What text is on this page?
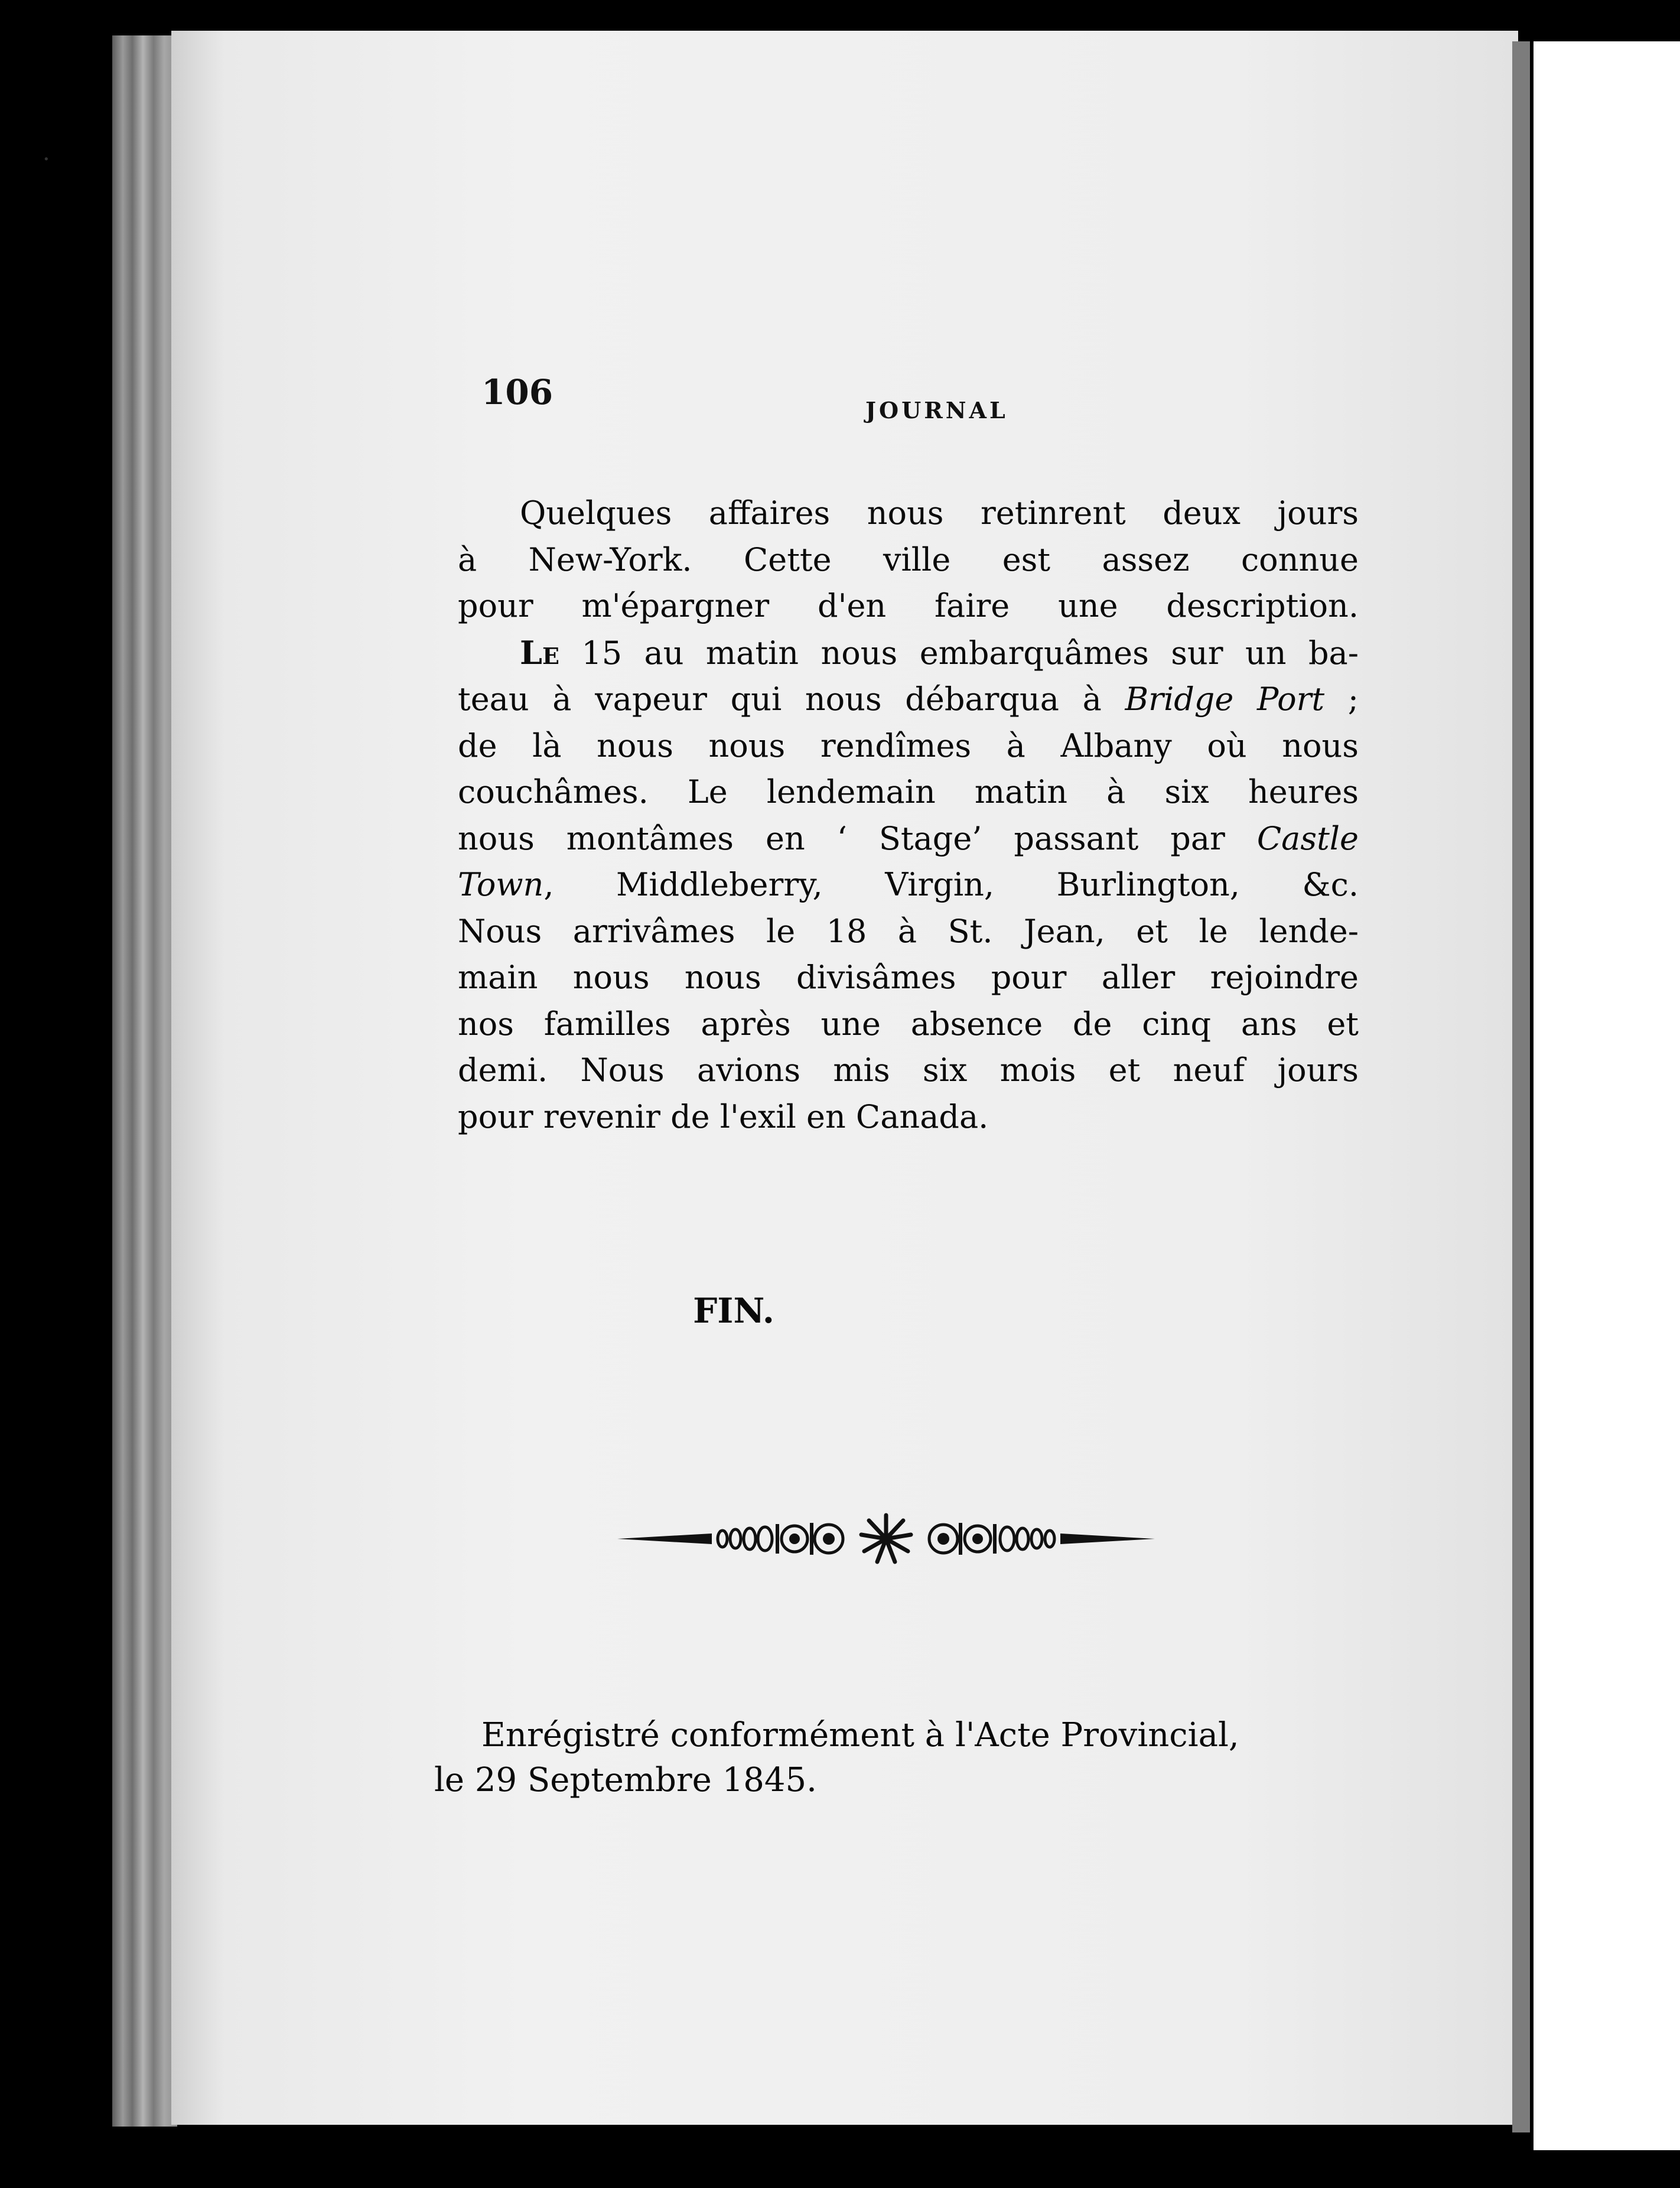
·
106	JOURNAL
Quelques affaires nous retinrent deux jours
à New-York. Cette ville est assez connue
pour m'épargner d'en faire une description.
Le 15 au matin nous embarquâmes sur un ba-
teau à vapeur qui nous débarqua à Bridge Port ;
de là nous nous rendîmes à Albany où nous
couchâmes. Le lendemain matin à six heures
nous montâmes en ‘ Stage’ passant par Castle
Town, Middleberry, Virgin, Burlington, &c.
Nous arrivâmes le 18 à St. Jean, et le lende-
main nous nous divisâmes pour aller rejoindre
nos familles après une absence de cinq ans et
demi. Nous avions mis six mois et neuf jours
pour revenir de l'exil en Canada.
FIN.
Enrégistré conformément à l'Acte Provincial,
le 29 Septembre 1845.
